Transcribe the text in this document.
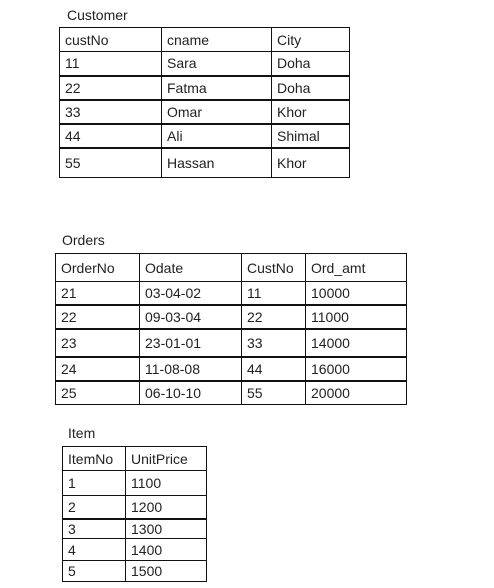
Customer
custNo	cname	City
11	Sara	Doha
22	Fatma	Doha
33	Omar	Khor
44	Ali	Shimal
55	Hassan	Khor
Orders
OrderNo	Odate	CustNo	Ord_amt
21	03-04-02	11	10000
22	09-03-04	22	11000
23	23-01-01	33	14000
24	11-08-08	44	16000
25	06-10-10	55	20000
Item
ItemNo	UnitPrice
1	1100
2	1200
3	1300
4	1400
5	1500
